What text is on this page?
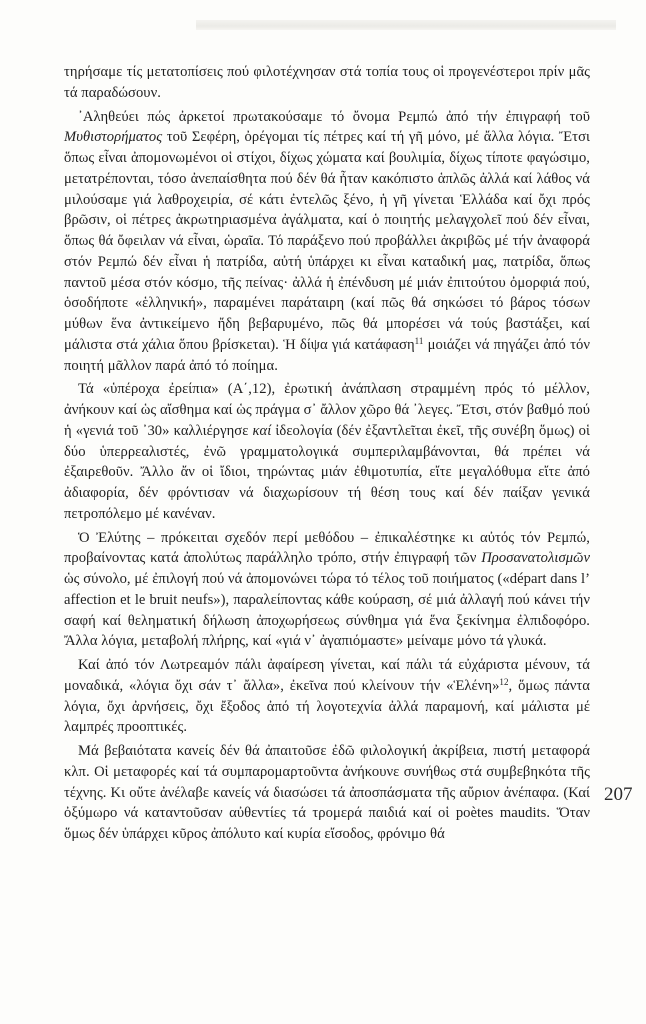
τηρήσαμε τίς μετατοπίσεις πού φιλοτέχνησαν στά τοπία τους οἱ προγενέστεροι πρίν μᾶς τά παραδώσουν.

᾽Αληθεύει πώς ἀρκετοί πρωτακούσαμε τό ὄνομα Ρεμπώ ἀπό τήν ἐπιγραφή τοῦ Μυθιστορήματος τοῦ Σεφέρη, ὀρέγομαι τίς πέτρες καί τή γῆ μόνο, μέ ἄλλα λόγια. Ἔτσι ὅπως εἶναι ἀπομονωμένοι οἱ στίχοι, δίχως χώματα καί βουλιμία, δίχως τίποτε φαγώσιμο, μετατρέπονται, τόσο ἀνεπαίσθητα πού δέν θά ἦταν κακόπιστο ἁπλῶς ἀλλά καί λάθος νά μιλούσαμε γιά λαθροχειρία, σέ κάτι ἐντελῶς ξένο, ἡ γῆ γίνεται Ἑλλάδα καί ὄχι πρός βρῶσιν, οἱ πέτρες ἀκρωτηριασμένα ἀγάλματα, καί ὁ ποιητής μελαγχολεῖ πού δέν εἶναι, ὅπως θά ὄφειλαν νά εἶναι, ὡραῖα. Τό παράξενο πού προβάλλει ἀκριβῶς μέ τήν ἀναφορά στόν Ρεμπώ δέν εἶναι ἡ πατρίδα, αὐτή ὑπάρχει κι εἶναι καταδική μας, πατρίδα, ὅπως παντοῦ μέσα στόν κόσμο, τῆς πείνας· ἀλλά ἡ ἐπένδυση μέ μιάν ἐπιτούτου ὀμορφιά πού, ὁσοδήποτε «ἑλληνική», παραμένει παράταιρη (καί πῶς θά σηκώσει τό βάρος τόσων μύθων ἕνα ἀντικείμενο ἤδη βεβαρυμένο, πῶς θά μπορέσει νά τούς βαστάξει, καί μάλιστα στά χάλια ὅπου βρίσκεται). Ἡ δίψα γιά κατάφαση$^{11}$ μοιάζει νά πηγάζει ἀπό τόν ποιητή μᾶλλον παρά ἀπό τό ποίημα.

Τά «ὑπέροχα ἐρείπια» (Α΄,12), ἐρωτική ἀνάπλαση στραμμένη πρός τό μέλλον, ἀνήκουν καί ὡς αἴσθημα καί ὡς πράγμα σ᾽ ἄλλον χῶρο θά ᾽λεγες. Ἔτσι, στόν βαθμό πού ἡ «γενιά τοῦ ᾽30» καλλιέργησε καί ἰδεολογία (δέν ἐξαντλεῖται ἐκεῖ, τῆς συνέβη ὅμως) οἱ δύο ὑπερρεαλιστές, ἐνῶ γραμματολογικά συμπεριλαμβάνονται, θά πρέπει νά ἐξαιρεθοῦν. Ἄλλο ἄν οἱ ἴδιοι, τηρώντας μιάν ἐθιμοτυπία, εἴτε μεγαλόθυμα εἴτε ἀπό ἀδιαφορία, δέν φρόντισαν νά διαχωρίσουν τή θέση τους καί δέν παίξαν γενικά πετροπόλεμο μέ κανέναν.

Ὁ Ἐλύτης – πρόκειται σχεδόν περί μεθόδου – ἐπικαλέστηκε κι αὐτός τόν Ρεμπώ, προβαίνοντας κατά ἀπολύτως παράλληλο τρόπο, στήν ἐπιγραφή τῶν Προσανατολισμῶν ὡς σύνολο, μέ ἐπιλογή πού νά ἀπομονώνει τώρα τό τέλος τοῦ ποιήματος («départ dans l’ affection et le bruit neufs»), παραλείποντας κάθε κούραση, σέ μιά ἀλλαγή πού κάνει τήν σαφή καί θεληματική δήλωση ἀποχωρήσεως σύνθημα γιά ἕνα ξεκίνημα ἐλπιδοφόρο. Ἄλλα λόγια, μεταβολή πλήρης, καί «γιά ν᾽ ἀγαπιόμαστε» μείναμε μόνο τά γλυκά.

Καί ἀπό τόν Λωτρεαμόν πάλι ἀφαίρεση γίνεται, καί πάλι τά εὐχάριστα μένουν, τά μοναδικά, «λόγια ὄχι σάν τ᾽ ἄλλα», ἐκεῖνα πού κλείνουν τήν «Ἑλένη»$^{12}$, ὅμως πάντα λόγια, ὄχι ἀρνήσεις, ὄχι ἔξοδος ἀπό τή λογοτεχνία ἀλλά παραμονή, καί μάλιστα μέ λαμπρές προοπτικές.

Μά βεβαιότατα κανείς δέν θά ἀπαιτοῦσε ἐδῶ φιλολογική ἀκρίβεια, πιστή μεταφορά κλπ. Οἱ μεταφορές καί τά συμπαρομαρτοῦντα ἀνήκουνε συνήθως στά συμβεβηκότα τῆς τέχνης. Κι οὔτε ἀνέλαβε κανείς νά διασώσει τά ἀποσπάσματα τῆς αὔριον ἀνέπαφα. (Καί ὀξύμωρο νά καταντοῦσαν αὐθεντίες τά τρομερά παιδιά καί οἱ poètes maudits. Ὅταν ὅμως δέν ὑπάρχει κῦρος ἀπόλυτο καί κυρία εἴσοδος, φρόνιμο θά

207
